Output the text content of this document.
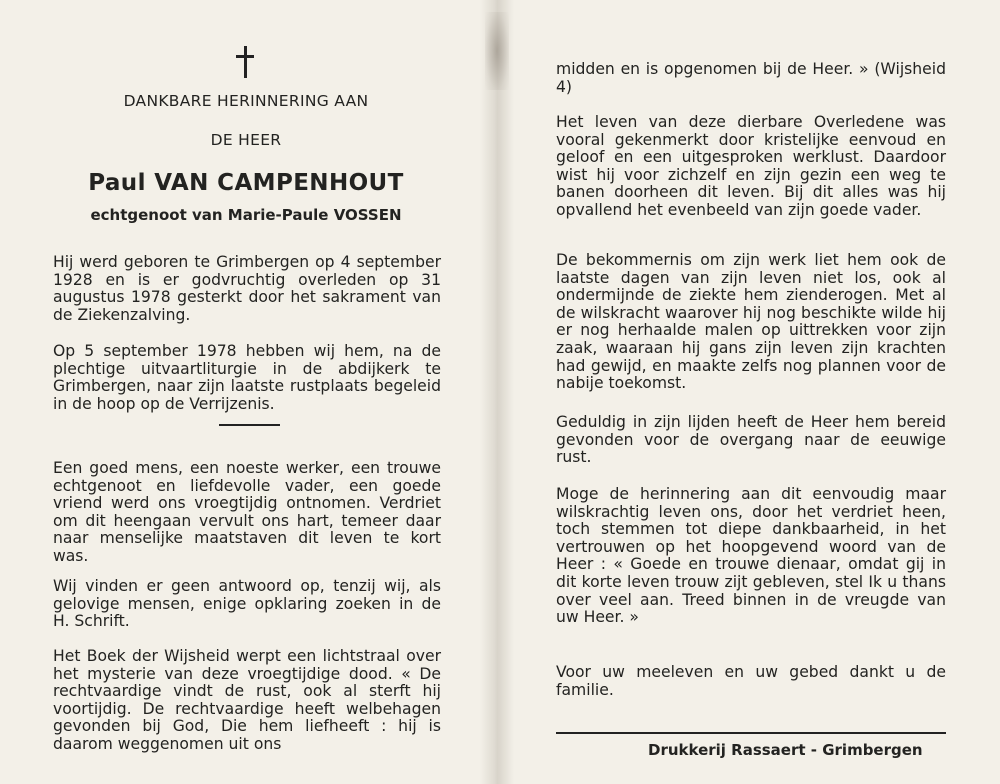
DANKBARE HERINNERING AAN
DE HEER
Paul VAN CAMPENHOUT
echtgenoot van Marie-Paule VOSSEN

Hij werd geboren te Grimbergen op 4 september 1928 en is er godvruchtig overleden op 31 augustus 1978 gesterkt door het sakrament van de Ziekenzalving.

Op 5 september 1978 hebben wij hem, na de plechtige uitvaartliturgie in de abdijkerk te Grimbergen, naar zijn laatste rustplaats begeleid in de hoop op de Verrijzenis.

Een goed mens, een noeste werker, een trouwe echtgenoot en liefdevolle vader, een goede vriend werd ons vroegtijdig ontnomen. Verdriet om dit heengaan vervult ons hart, temeer daar naar menselijke maatstaven dit leven te kort was.

Wij vinden er geen antwoord op, tenzij wij, als gelovige mensen, enige opklaring zoeken in de H. Schrift.

Het Boek der Wijsheid werpt een lichtstraal over het mysterie van deze vroegtijdige dood. « De rechtvaardige vindt de rust, ook al sterft hij voortijdig. De rechtvaardige heeft welbehagen gevonden bij God, Die hem liefheeft : hij is daarom weggenomen uit ons

midden en is opgenomen bij de Heer. » (Wijsheid 4)

Het leven van deze dierbare Overledene was vooral gekenmerkt door kristelijke eenvoud en geloof en een uitgesproken werklust. Daardoor wist hij voor zichzelf en zijn gezin een weg te banen doorheen dit leven. Bij dit alles was hij opvallend het evenbeeld van zijn goede vader.

De bekommernis om zijn werk liet hem ook de laatste dagen van zijn leven niet los, ook al ondermijnde de ziekte hem zienderogen. Met al de wilskracht waarover hij nog beschikte wilde hij er nog herhaalde malen op uittrekken voor zijn zaak, waaraan hij gans zijn leven zijn krachten had gewijd, en maakte zelfs nog plannen voor de nabije toekomst.

Geduldig in zijn lijden heeft de Heer hem bereid gevonden voor de overgang naar de eeuwige rust.

Moge de herinnering aan dit eenvoudig maar wilskrachtig leven ons, door het verdriet heen, toch stemmen tot diepe dankbaarheid, in het vertrouwen op het hoopgevend woord van de Heer : « Goede en trouwe dienaar, omdat gij in dit korte leven trouw zijt gebleven, stel Ik u thans over veel aan. Treed binnen in de vreugde van uw Heer. »

Voor uw meeleven en uw gebed dankt u de familie.

Drukkerij Rassaert - Grimbergen
